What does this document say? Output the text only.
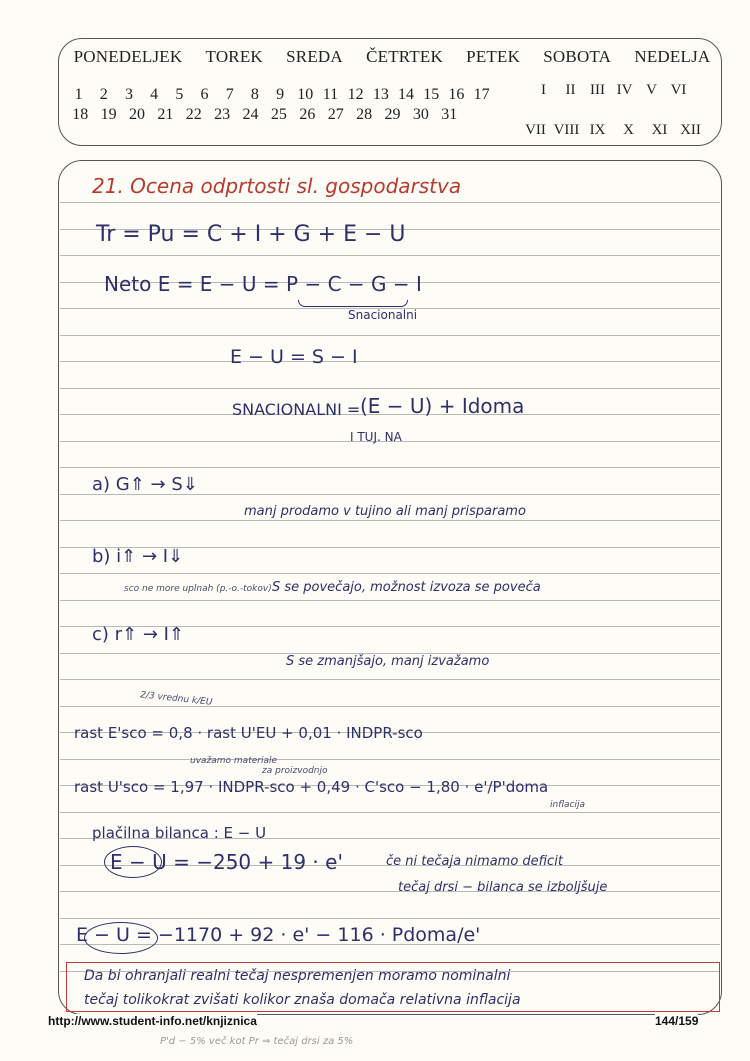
PONEDELJEK TOREK SREDA ČETRTEK PETEK SOBOTA NEDELJA
1	2	3	4	5	6	7	8	9 10 11 12 13 14 15 16 17
18 19 20 21 22 23 24 25 26 27 28 29 30 31
I	II III IV V VI
VII VIII IX	X	XI XII
21. Ocena odprtosti sl. gospodarstva
Tr = Pu = C + I + G + E − U
Neto E = E − U = P − C − G − I
Snacionalni
E − U = S − I
SNACIONALNI = (E − U) + Idoma
I TUJ. NA
a) G⇑ → S⇓
manj prodamo v tujino ali manj prisparamo
b) i⇑ → I⇓
sco ne more uplnah (p.-o.-tokov) S se povečajo, možnost izvoza se poveča
c) r⇑ → I⇑
S se zmanjšajo, manj izvažamo
2/3 vrednu k/EU
rast E'sco = 0,8 · rast U'EU + 0,01 · INDPR-sco
uvažamo materiale
za proizvodnjo
rast U'sco = 1,97 · INDPR-sco + 0,49 · C'sco − 1,80 · e'/P'doma
inflacija
plačilna bilanca : E − U
E − U = −250 + 19 · e'	če ni tečaja nimamo deficit
tečaj drsi − bilanca se izboljšuje
E − U = −1170 + 92 · e' − 116 · Pdoma/e'
Da bi ohranjali realni tečaj nespremenjen moramo nominalni
tečaj tolikokrat zvišati kolikor znaša domača relativna inflacija
http://www.student-info.net/knjiznica	144/159
P'd − 5% več kot Pr ⇒ tečaj drsi za 5%
